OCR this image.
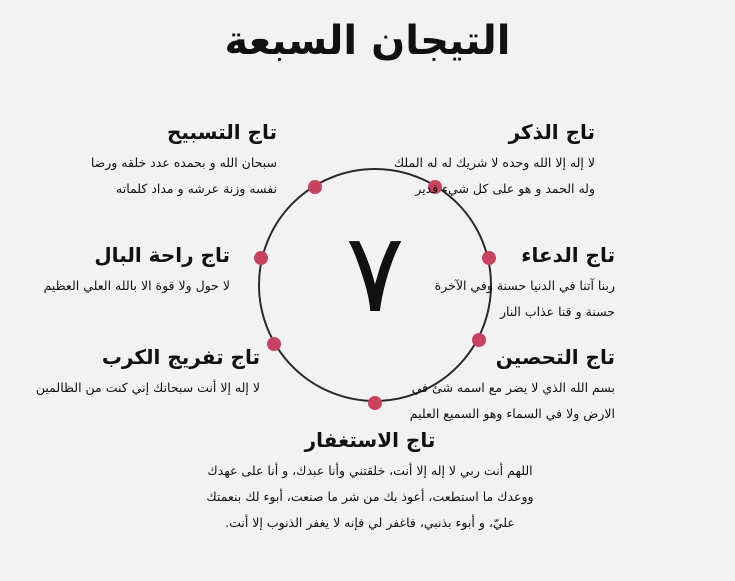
التيجان السبعة
٧
تاج الذكر
لا إله إلا الله وحده لا شريك له له الملك
وله الحمد و هو على كل شيء قدير
تاج الدعاء
ربنا آتنا في الدنيا حسنة وفي الآخرة
حسنة و قنا عذاب النار
تاج التحصين
بسم الله الذي لا يضر مع اسمه شئ في
الارض ولا في السماء وهو السميع العليم
تاج التسبيح
سبحان الله و بحمده عدد خلقه ورضا
نفسه وزنة عرشه و مداد كلماته
تاج راحة البال
لا حول ولا قوة الا بالله العلي العظيم
تاج تفريج الكرب
لا إله إلا أنت سبحانك إني كنت من الظالمين
تاج الاستغفار
اللهم أنت ربي لا إله إلا أنت، خلقتني وأنا عبدك، و أنا على عهدك
ووعدك ما استطعت، أعوذ بك من شر ما صنعت، أبوء لك بنعمتك
عليّ، و أبوء بذنبي، فاغفر لي فإنه لا يغفر الذنوب إلا أنت.
